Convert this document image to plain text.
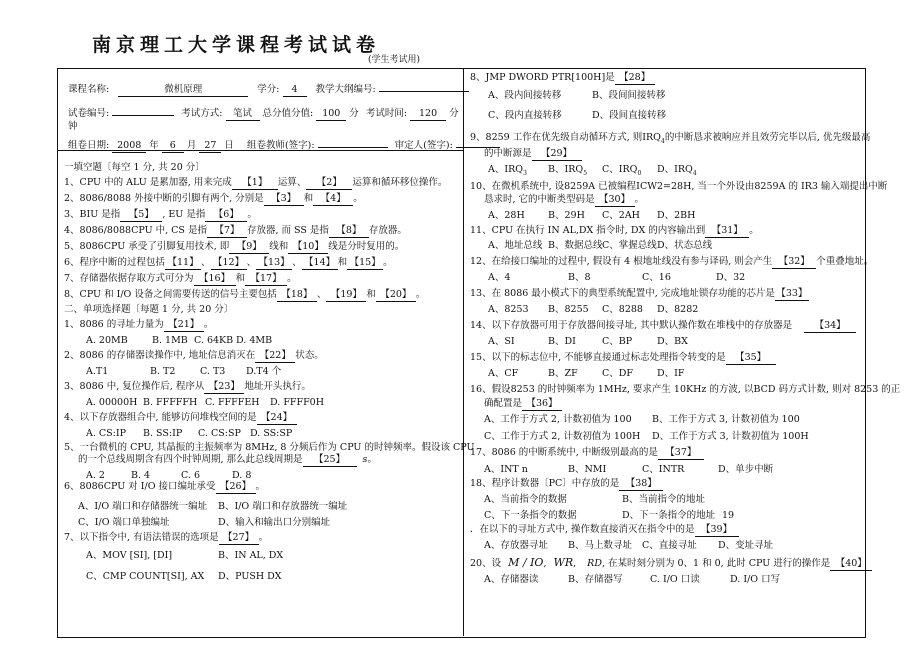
南京理工大学课程考试试卷
(学生考试用)
课程名称:	微机原理	学分: 4 教学大纲编号:
试卷编号:	考试方式: 笔试 总分值分值: 100 分 考试时间: 120 分
钟
组卷日期: 2008 年 6 月 27 日 组卷教师(签字):	审定人(签字):
一填空题〔每空 1 分, 共 20 分〕
1、CPU 中的 ALU 是累加器, 用来完成 【1】 运算、 【2】 运算和循环移位操作。
2、8086/8088 外接中断的引脚有两个, 分别是 【3】 和 【4】 。
3、BIU 是指 【5】 , EU 是指 【6】 。
4、8086/8088CPU 中, CS 是指 【7】 存放器, 而 SS 是指 【8】 存放器。
5、8086CPU 承受了引脚复用技术, 即 【9】 线和 【10】 线是分时复用的。
6、程序中断的过程包括 【11】 、 【12】 、 【13】 、 【14】 和 【15】 。
7、存储器依据存取方式可分为 【16】 和 【17】 。
8、CPU 和 I/O 设备之间需要传送的信号主要包括 【18】 、 【19】 和 【20】 。
二、单项选择题〔每题 1 分, 共 20 分〕
1、8086 的寻址力量为 【21】 。
A. 20MB	B. 1MB C. 64KB D. 4MB
2、8086 的存储器读操作中, 地址信息消灭在 【22】 状态。
A.T1	B. T2	C. T3 D.T4 个
3、8086 中, 复位操作后, 程序从 【23】 地址开头执行。
A. 00000H B. FFFFFH C. FFFFEH D. FFFF0H
4、以下存放器组合中, 能够访问堆栈空间的是 【24】
A. CS:IP B. SS:IP C. CS:SP D. SS:SP
5、一台微机的 CPU, 其晶振的主振频率为 8MHz, 8 分频后作为 CPU 的时钟频率。假设该 CPU
的一个总线周期含有四个时钟周期, 那么此总线周期是 【25】 s。
A. 2	B. 4	C. 6	D. 8
6、8086CPU 对 I/O 接口编址承受 【26】 。
A、I/O 端口和存储器统一编址 B、I/O 端口和存放器统一编址
C、I/O 端口单独编址	D、输入和输出口分别编址
7、以下指令中, 有语法错误的选项是 【27】 。
A、MOV [SI], [DI]	B、IN AL, DX
C、CMP COUNT[SI], AX D、PUSH DX
8、JMP DWORD PTR[100H]是 【28】
A、段内间接转移	B、段间间接转移
C、段内直接转移	D、段间直接转移
9、8259 工作在优先级自动循环方式, 则$IRQ_4$的中断恳求被响应并且效劳完毕以后, 优先级最高
的中断源是 【29】
A、$IRQ_3$ B、$IRQ_5$ C、$IRQ_0$ D、$IRQ_4$
10、在微机系统中, 设8259A 已被编程ICW2=28H, 当一个外设由8259A 的 IR3 输入端提出中断
恳求时, 它的中断类型码是 【30】 。
A、28H B、29H C、2AH D、2BH
11、CPU 在执行 IN AL,DX 指令时, DX 的内容输出到 【31】 。
A、地址总线 B、数据总线 C、掌握总线 D、状态总线
12、在给接口编址的过程中, 假设有 4 根地址线没有参与译码, 则会产生 【32】 个重叠地址。
A、4	B、8	C、16	D、32
13、在 8086 最小模式下的典型系统配置中, 完成地址锁存功能的芯片是【33】
A、8253 B、8255 C、8288 D、8282
14、以下存放器可用于存放器间接寻址, 其中默认操作数在堆栈中的存放器是 【34】
A、SI	B、DI	C、BP	D、BX
15、以下的标志位中, 不能够直接通过标志处理指令转变的是 【35】
A、CF	B、ZF	C、DF	D、IF
16、假设8253 的时钟频率为 1MHz, 要求产生 10KHz 的方波, 以BCD 码方式计数, 则对 8253 的正
确配置是 【36】
A、工作于方式 2, 计数初值为 100 B、工作于方式 3, 计数初值为 100
C、工作于方式 2, 计数初值为 100H D、工作于方式 3, 计数初值为 100H
17、8086 的中断系统中, 中断级别最高的是 【37】
A、INT n	B、NMI	C、INTR	D、单步中断
18、程序计数器〔PC〕中存放的是 【38】
A、当前指令的数据	B、当前指令的地址
C、下一条指令的数据	D、下一条指令的地址 19
．在以下的寻址方式中, 操作数直接消灭在指令中的是 【39】
A、存放器寻址 B、马上数寻址 C、直接寻址 D、变址寻址
20、设 M / IO, WR, RD, 在某时刻分别为 0、1 和 0, 此时 CPU 进行的操作是 【40】
A、存储器读	B、存储器写	C. I/O 口读	D. I/O 口写
